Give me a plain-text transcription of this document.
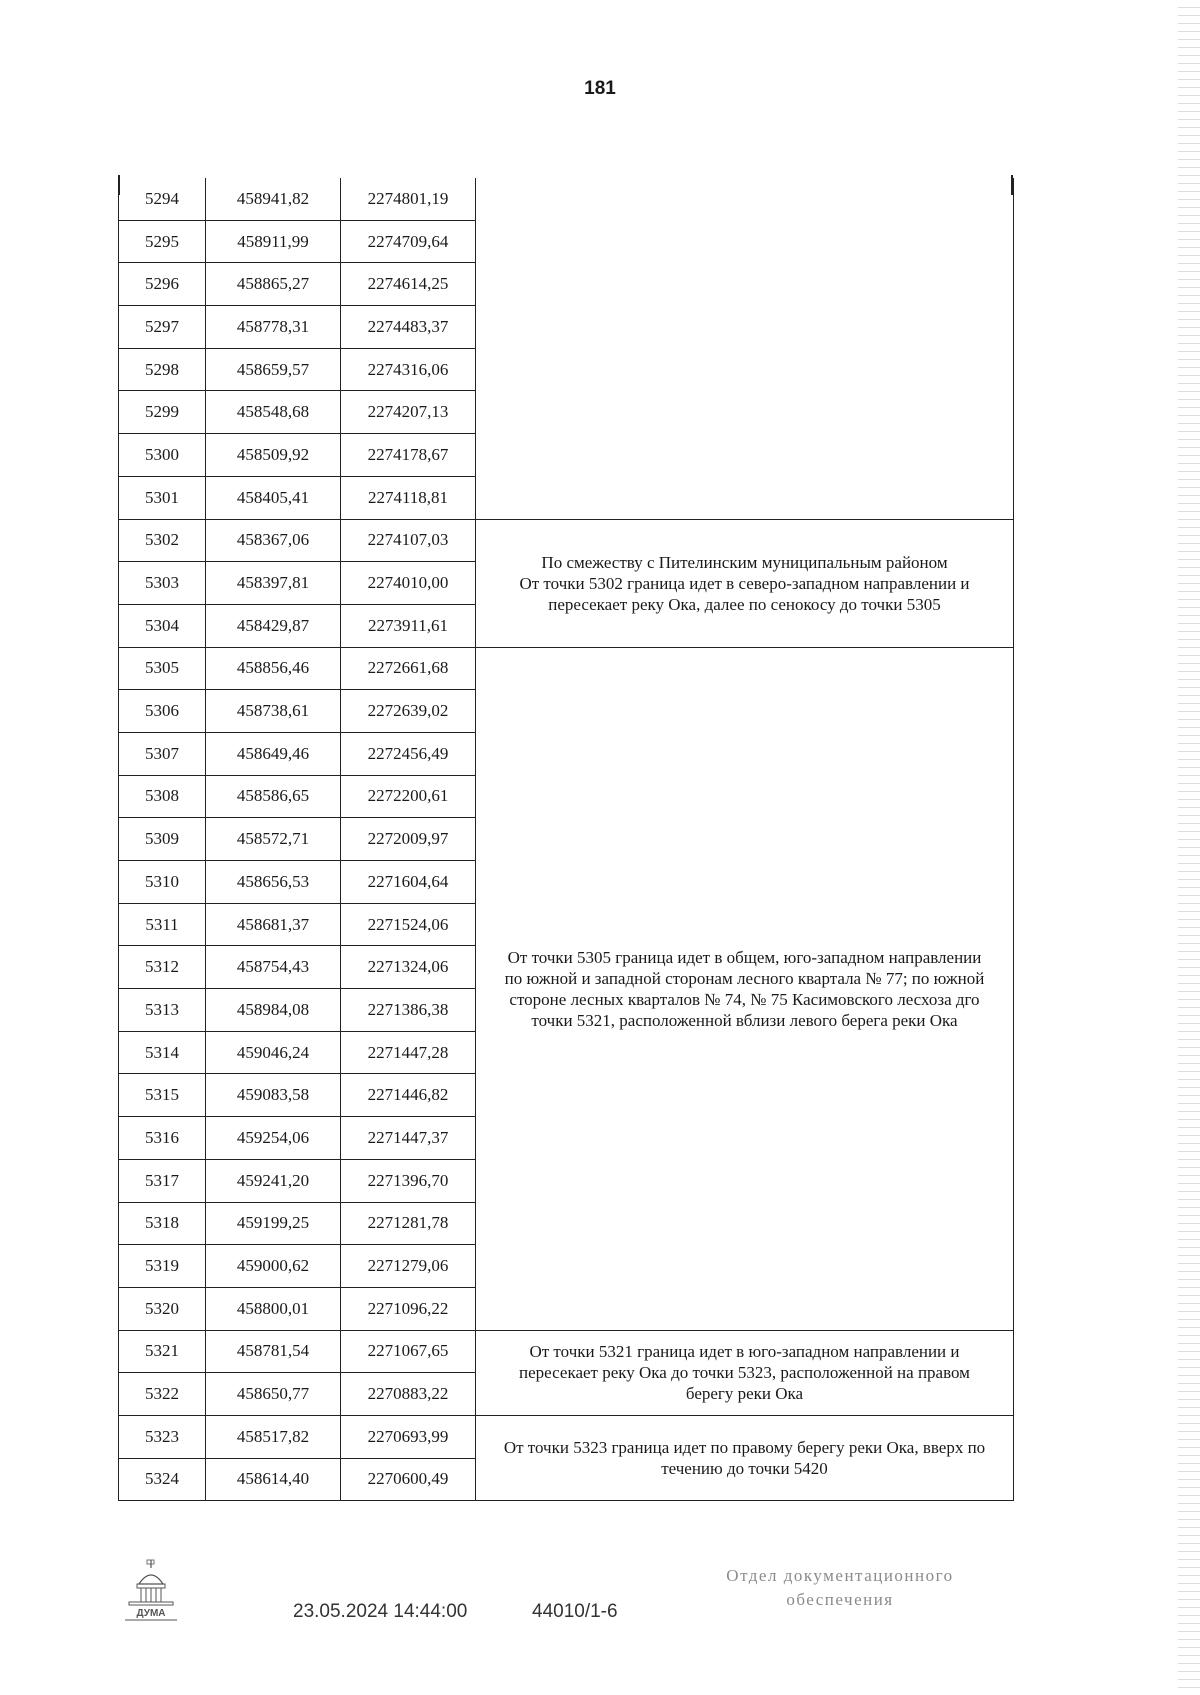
181
5294	458941,82	2274801,19	
5295	458911,99	2274709,64	
5296	458865,27	2274614,25	
5297	458778,31	2274483,37	
5298	458659,57	2274316,06	
5299	458548,68	2274207,13	
5300	458509,92	2274178,67	
5301	458405,41	2274118,81	
5302	458367,06	2274107,03	По смежеству с Пителинским муниципальным районом
От точки 5302 граница идет в северо-западном направлении и
пересекает реку Ока, далее по сенокосу до точки 5305

5303	458397,81	2274010,00	
5304	458429,87	2273911,61	
5305	458856,46	2272661,68	От точки 5305 граница идет в общем, юго-западном направлении
по южной и западной сторонам лесного квартала № 77; по южной
стороне лесных кварталов № 74, № 75 Касимовского лесхоза дго
точки 5321, расположенной вблизи левого берега реки Ока

5306	458738,61	2272639,02	
5307	458649,46	2272456,49	
5308	458586,65	2272200,61	
5309	458572,71	2272009,97	
5310	458656,53	2271604,64	
5311	458681,37	2271524,06	
5312	458754,43	2271324,06	
5313	458984,08	2271386,38	
5314	459046,24	2271447,28	
5315	459083,58	2271446,82	
5316	459254,06	2271447,37	
5317	459241,20	2271396,70	
5318	459199,25	2271281,78	
5319	459000,62	2271279,06	
5320	458800,01	2271096,22	
5321	458781,54	2271067,65	От точки 5321 граница идет в юго-западном направлении и
пересекает реку Ока до точки 5323, расположенной на правом
берегу реки Ока

5322	458650,77	2270883,22	
5323	458517,82	2270693,99	От точки 5323 граница идет по правому берегу реки Ока, вверх по
течению до точки 5420

5324	458614,40	2270600,49	
ДУМА	23.05.2024 14:44:00	44010/1-6
Отдел документационного
обеспечения
